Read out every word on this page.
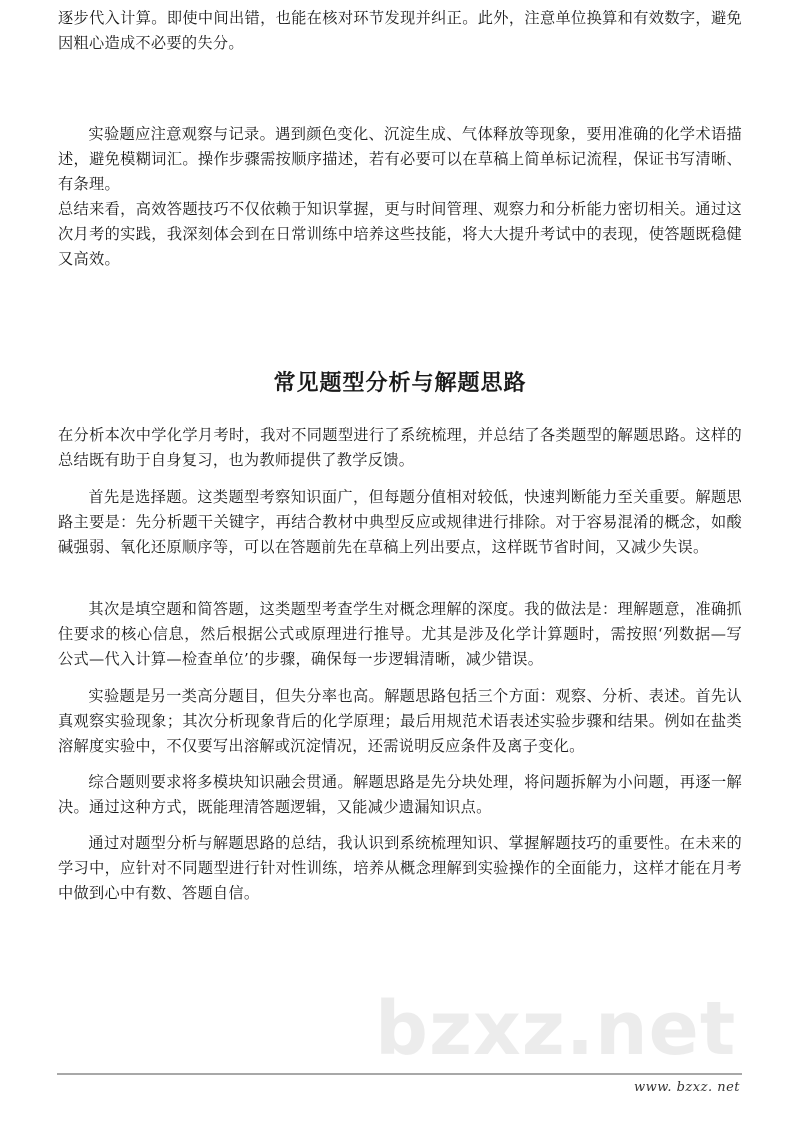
逐步代入计算。即使中间出错，也能在核对环节发现并纠正。此外，注意单位换算和有效数字，避免因粗心造成不必要的失分。

实验题应注意观察与记录。遇到颜色变化、沉淀生成、气体释放等现象，要用准确的化学术语描述，避免模糊词汇。操作步骤需按顺序描述，若有必要可以在草稿上简单标记流程，保证书写清晰、有条理。

总结来看，高效答题技巧不仅依赖于知识掌握，更与时间管理、观察力和分析能力密切相关。通过这次月考的实践，我深刻体会到在日常训练中培养这些技能，将大大提升考试中的表现，使答题既稳健又高效。

常见题型分析与解题思路

在分析本次中学化学月考时，我对不同题型进行了系统梳理，并总结了各类题型的解题思路。这样的总结既有助于自身复习，也为教师提供了教学反馈。

首先是选择题。这类题型考察知识面广，但每题分值相对较低，快速判断能力至关重要。解题思路主要是：先分析题干关键字，再结合教材中典型反应或规律进行排除。对于容易混淆的概念，如酸碱强弱、氧化还原顺序等，可以在答题前先在草稿上列出要点，这样既节省时间，又减少失误。

其次是填空题和简答题，这类题型考查学生对概念理解的深度。我的做法是：理解题意，准确抓住要求的核心信息，然后根据公式或原理进行推导。尤其是涉及化学计算题时，需按照‘列数据—写公式—代入计算—检查单位’的步骤，确保每一步逻辑清晰，减少错误。

实验题是另一类高分题目，但失分率也高。解题思路包括三个方面：观察、分析、表述。首先认真观察实验现象；其次分析现象背后的化学原理；最后用规范术语表述实验步骤和结果。例如在盐类溶解度实验中，不仅要写出溶解或沉淀情况，还需说明反应条件及离子变化。

综合题则要求将多模块知识融会贯通。解题思路是先分块处理，将问题拆解为小问题，再逐一解决。通过这种方式，既能理清答题逻辑，又能减少遗漏知识点。

通过对题型分析与解题思路的总结，我认识到系统梳理知识、掌握解题技巧的重要性。在未来的学习中，应针对不同题型进行针对性训练，培养从概念理解到实验操作的全面能力，这样才能在月考中做到心中有数、答题自信。

bzxz.net
www. bzxz. net
